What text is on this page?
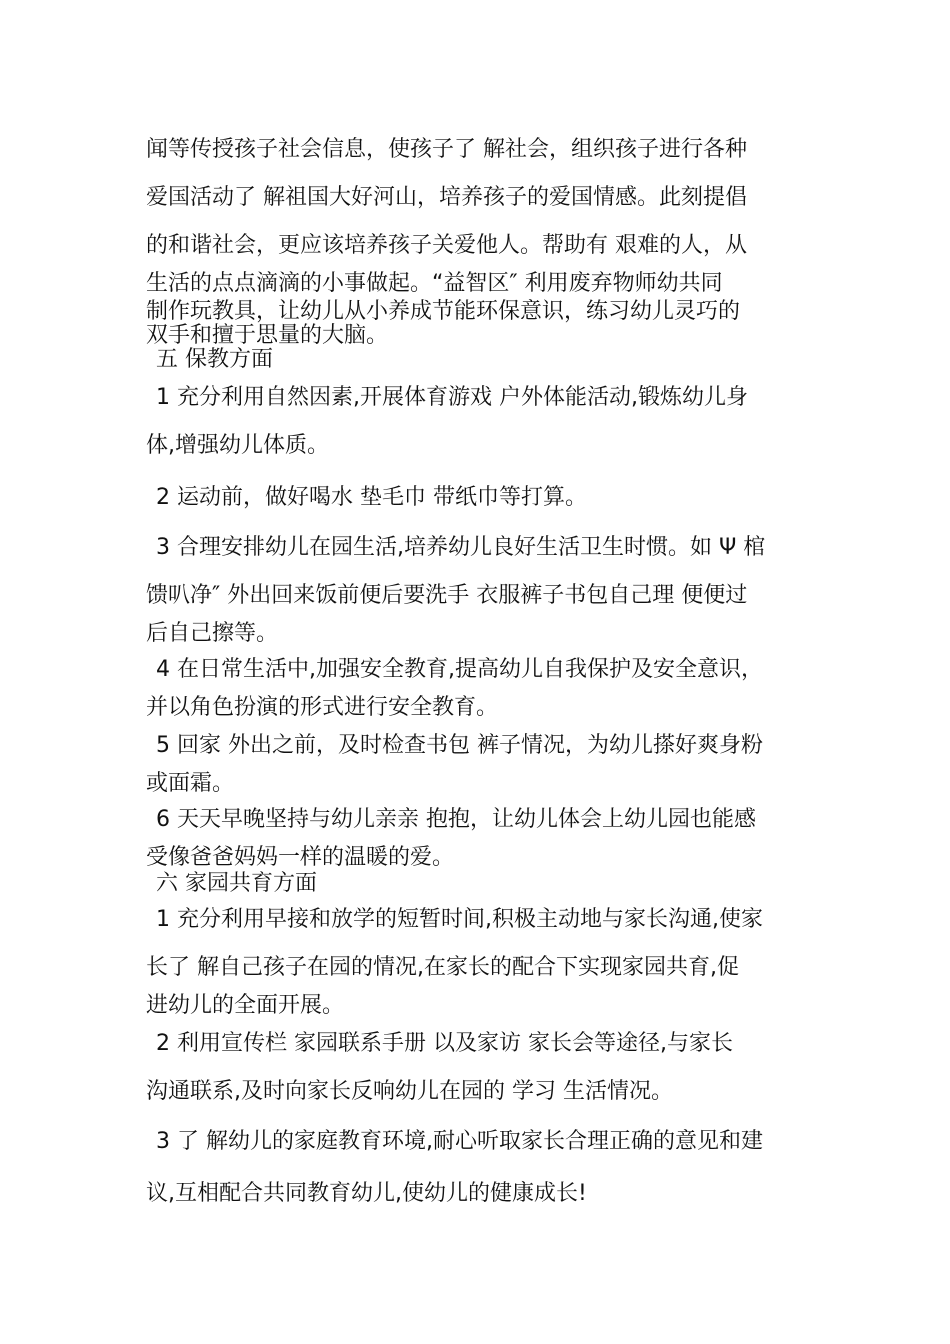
闻等传授孩子社会信息，使孩子了 解社会，组织孩子进行各种
爱国活动了 解祖国大好河山，培养孩子的爱国情感。此刻提倡
的和谐社会，更应该培养孩子关爱他人。帮助有 艰难的人，从
生活的点点滴滴的小事做起。“益智区″ 利用废弃物师幼共同
制作玩教具，让幼儿从小养成节能环保意识，练习幼儿灵巧的
双手和擅于思量的大脑。
五 保教方面
1 充分利用自然因素,开展体育游戏 户外体能活动,锻炼幼儿身
体,增强幼儿体质。
2 运动前，做好喝水 垫毛巾 带纸巾等打算。
3 合理安排幼儿在园生活,培养幼儿良好生活卫生时惯。如 Ψ 棺
馈叭净″ 外出回来饭前便后要洗手 衣服裤子书包自己理 便便过
后自己擦等。
4 在日常生活中,加强安全教育,提高幼儿自我保护及安全意识，
并以角色扮演的形式进行安全教育。
5 回家 外出之前，及时检查书包 裤子情况，为幼儿搽好爽身粉
或面霜。
6 天天早晚坚持与幼儿亲亲 抱抱，让幼儿体会上幼儿园也能感
受像爸爸妈妈一样的温暖的爱。
六 家园共育方面
1 充分利用早接和放学的短暂时间,积极主动地与家长沟通,使家
长了 解自己孩子在园的情况,在家长的配合下实现家园共育,促
进幼儿的全面开展。
2 利用宣传栏 家园联系手册 以及家访 家长会等途径,与家长
沟通联系,及时向家长反响幼儿在园的 学习 生活情况。
3 了 解幼儿的家庭教育环境,耐心听取家长合理正确的意见和建
议,互相配合共同教育幼儿,使幼儿的健康成长!
